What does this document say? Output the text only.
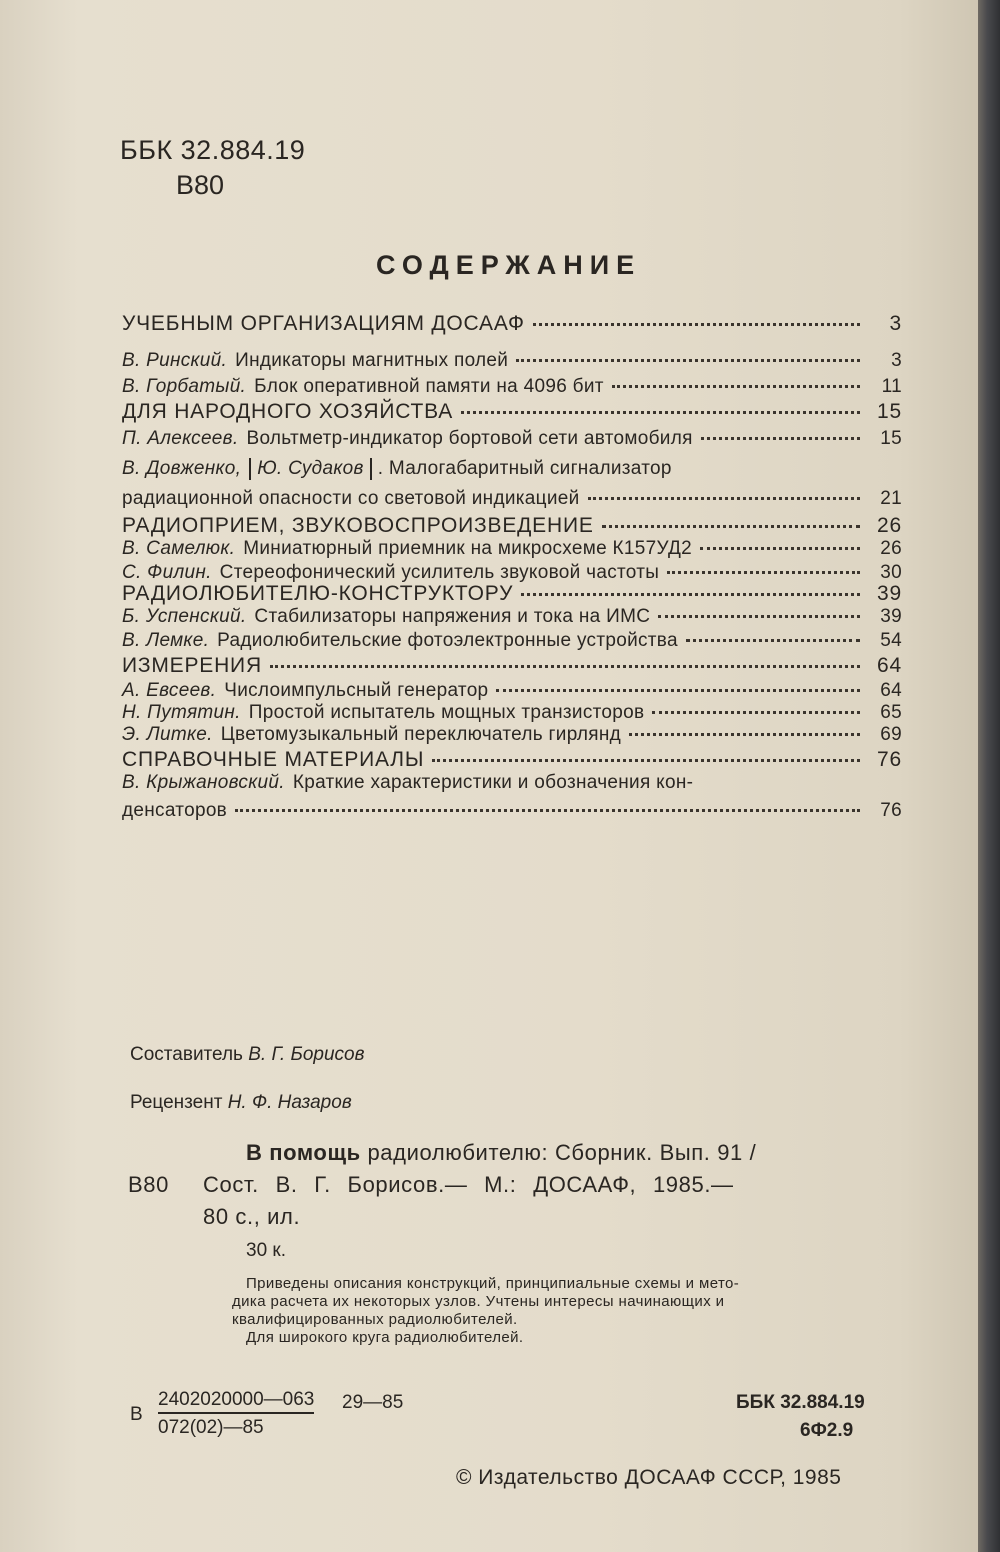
ББК 32.884.19
В80
СОДЕРЖАНИЕ
УЧЕБНЫМ ОРГАНИЗАЦИЯМ ДОСААФ	3
В. Ринский. Индикаторы магнитных полей	3
В. Горбатый. Блок оперативной памяти на 4096 бит	11
ДЛЯ НАРОДНОГО ХОЗЯЙСТВА	15
П. Алексеев. Вольтметр-индикатор бортовой сети автомобиля	15
В. Довженко, Ю. Судаков . Малогабаритный сигнализатор
радиационной опасности со световой индикацией	21
РАДИОПРИЕМ, ЗВУКОВОСПРОИЗВЕДЕНИЕ	26
В. Самелюк. Миниатюрный приемник на микросхеме К157УД2	26
С. Филин. Стереофонический усилитель звуковой частоты	30
РАДИОЛЮБИТЕЛЮ-КОНСТРУКТОРУ	39
Б. Успенский. Стабилизаторы напряжения и тока на ИМС	39
В. Лемке. Радиолюбительские фотоэлектронные устройства	54
ИЗМЕРЕНИЯ	64
А. Евсеев. Числоимпульсный генератор	64
Н. Путятин. Простой испытатель мощных транзисторов	65
Э. Литке. Цветомузыкальный переключатель гирлянд	69
СПРАВОЧНЫЕ МАТЕРИАЛЫ	76
В. Крыжановский. Краткие характеристики и обозначения кон-
денсаторов	76
Составитель В. Г. Борисов
Рецензент Н. Ф. Назаров
В помощь радиолюбителю: Сборник. Вып. 91 /
В80 Сост. В. Г. Борисов.— М.: ДОСААФ, 1985.—
80 с., ил.
30 к.
Приведены описания конструкций, принципиальные схемы и мето-
дика расчета их некоторых узлов. Учтены интересы начинающих и
квалифицированных радиолюбителей.
Для широкого круга радиолюбителей.
В
2402020000—063
072(02)—85
29—85	ББК 32.884.19
6Ф2.9
© Издательство ДОСААФ СССР, 1985
